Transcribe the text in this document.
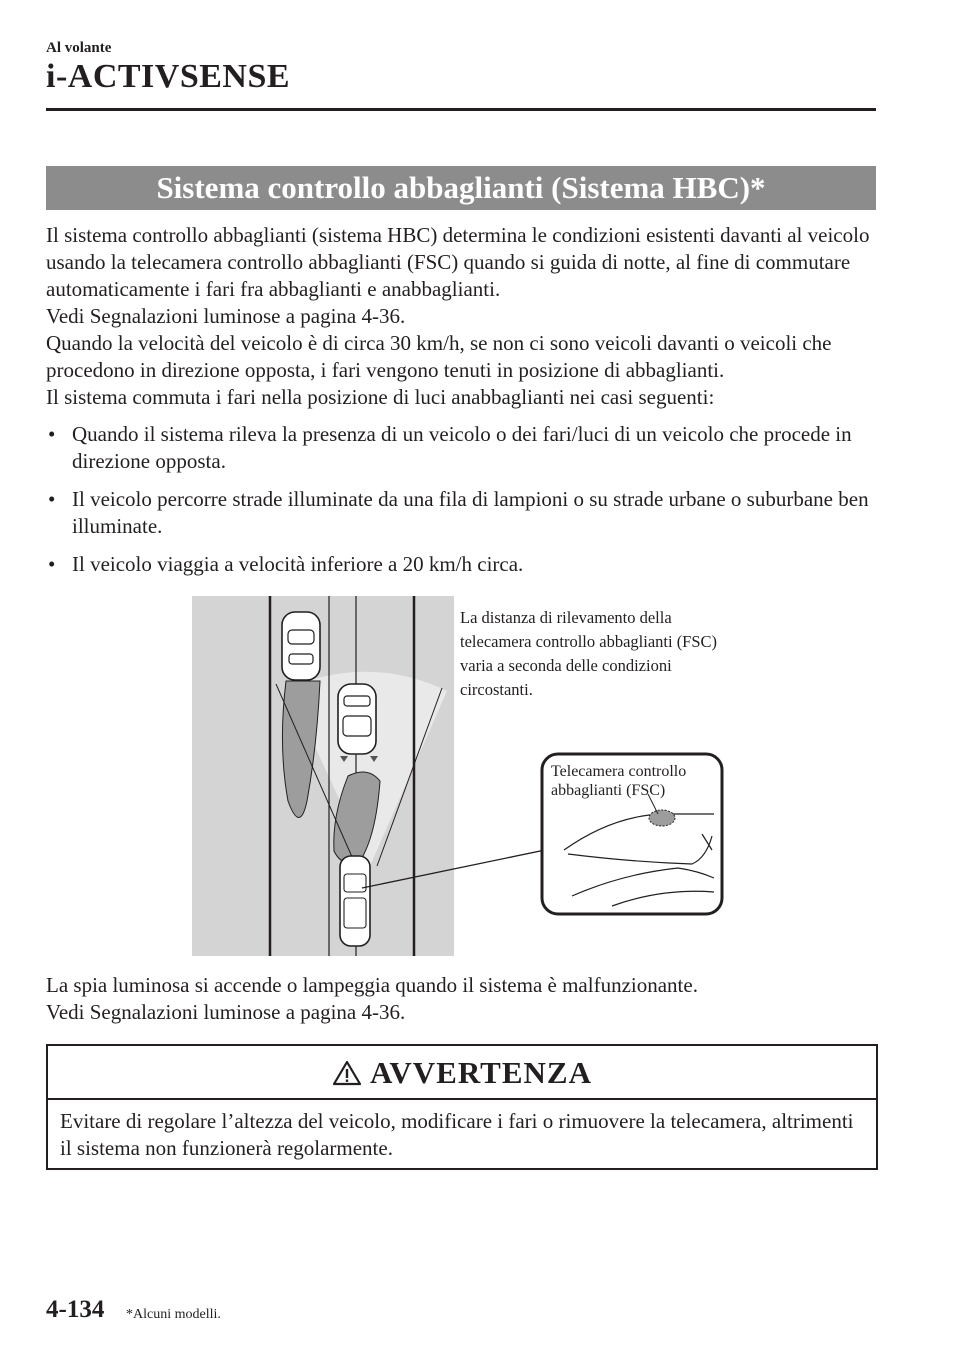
Al volante
i-ACTIVSENSE
Sistema controllo abbaglianti (Sistema HBC)*

Il sistema controllo abbaglianti (sistema HBC) determina le condizioni esistenti davanti al veicolo usando la telecamera controllo abbaglianti (FSC) quando si guida di notte, al fine di commutare automaticamente i fari fra abbaglianti e anabbaglianti.

Vedi Segnalazioni luminose a pagina 4-36.

Quando la velocità del veicolo è di circa 30 km/h, se non ci sono veicoli davanti o veicoli che procedono in direzione opposta, i fari vengono tenuti in posizione di abbaglianti.

Il sistema commuta i fari nella posizione di luci anabbaglianti nei casi seguenti:

• Quando il sistema rileva la presenza di un veicolo o dei fari/luci di un veicolo che procede in direzione opposta.
• Il veicolo percorre strade illuminate da una fila di lampioni o su strade urbane o suburbane ben illuminate.
• Il veicolo viaggia a velocità inferiore a 20 km/h circa.
La distanza di rilevamento della telecamera controllo abbaglianti (FSC) varia a seconda delle condizioni circostanti.
Telecamera controllo
abbaglianti (FSC)

La spia luminosa si accende o lampeggia quando il sistema è malfunzionante.

Vedi Segnalazioni luminose a pagina 4-36.

AVVERTENZA
Evitare di regolare l’altezza del veicolo, modificare i fari o rimuovere la telecamera, altrimenti il sistema non funzionerà regolarmente.
4-134 *Alcuni modelli.
